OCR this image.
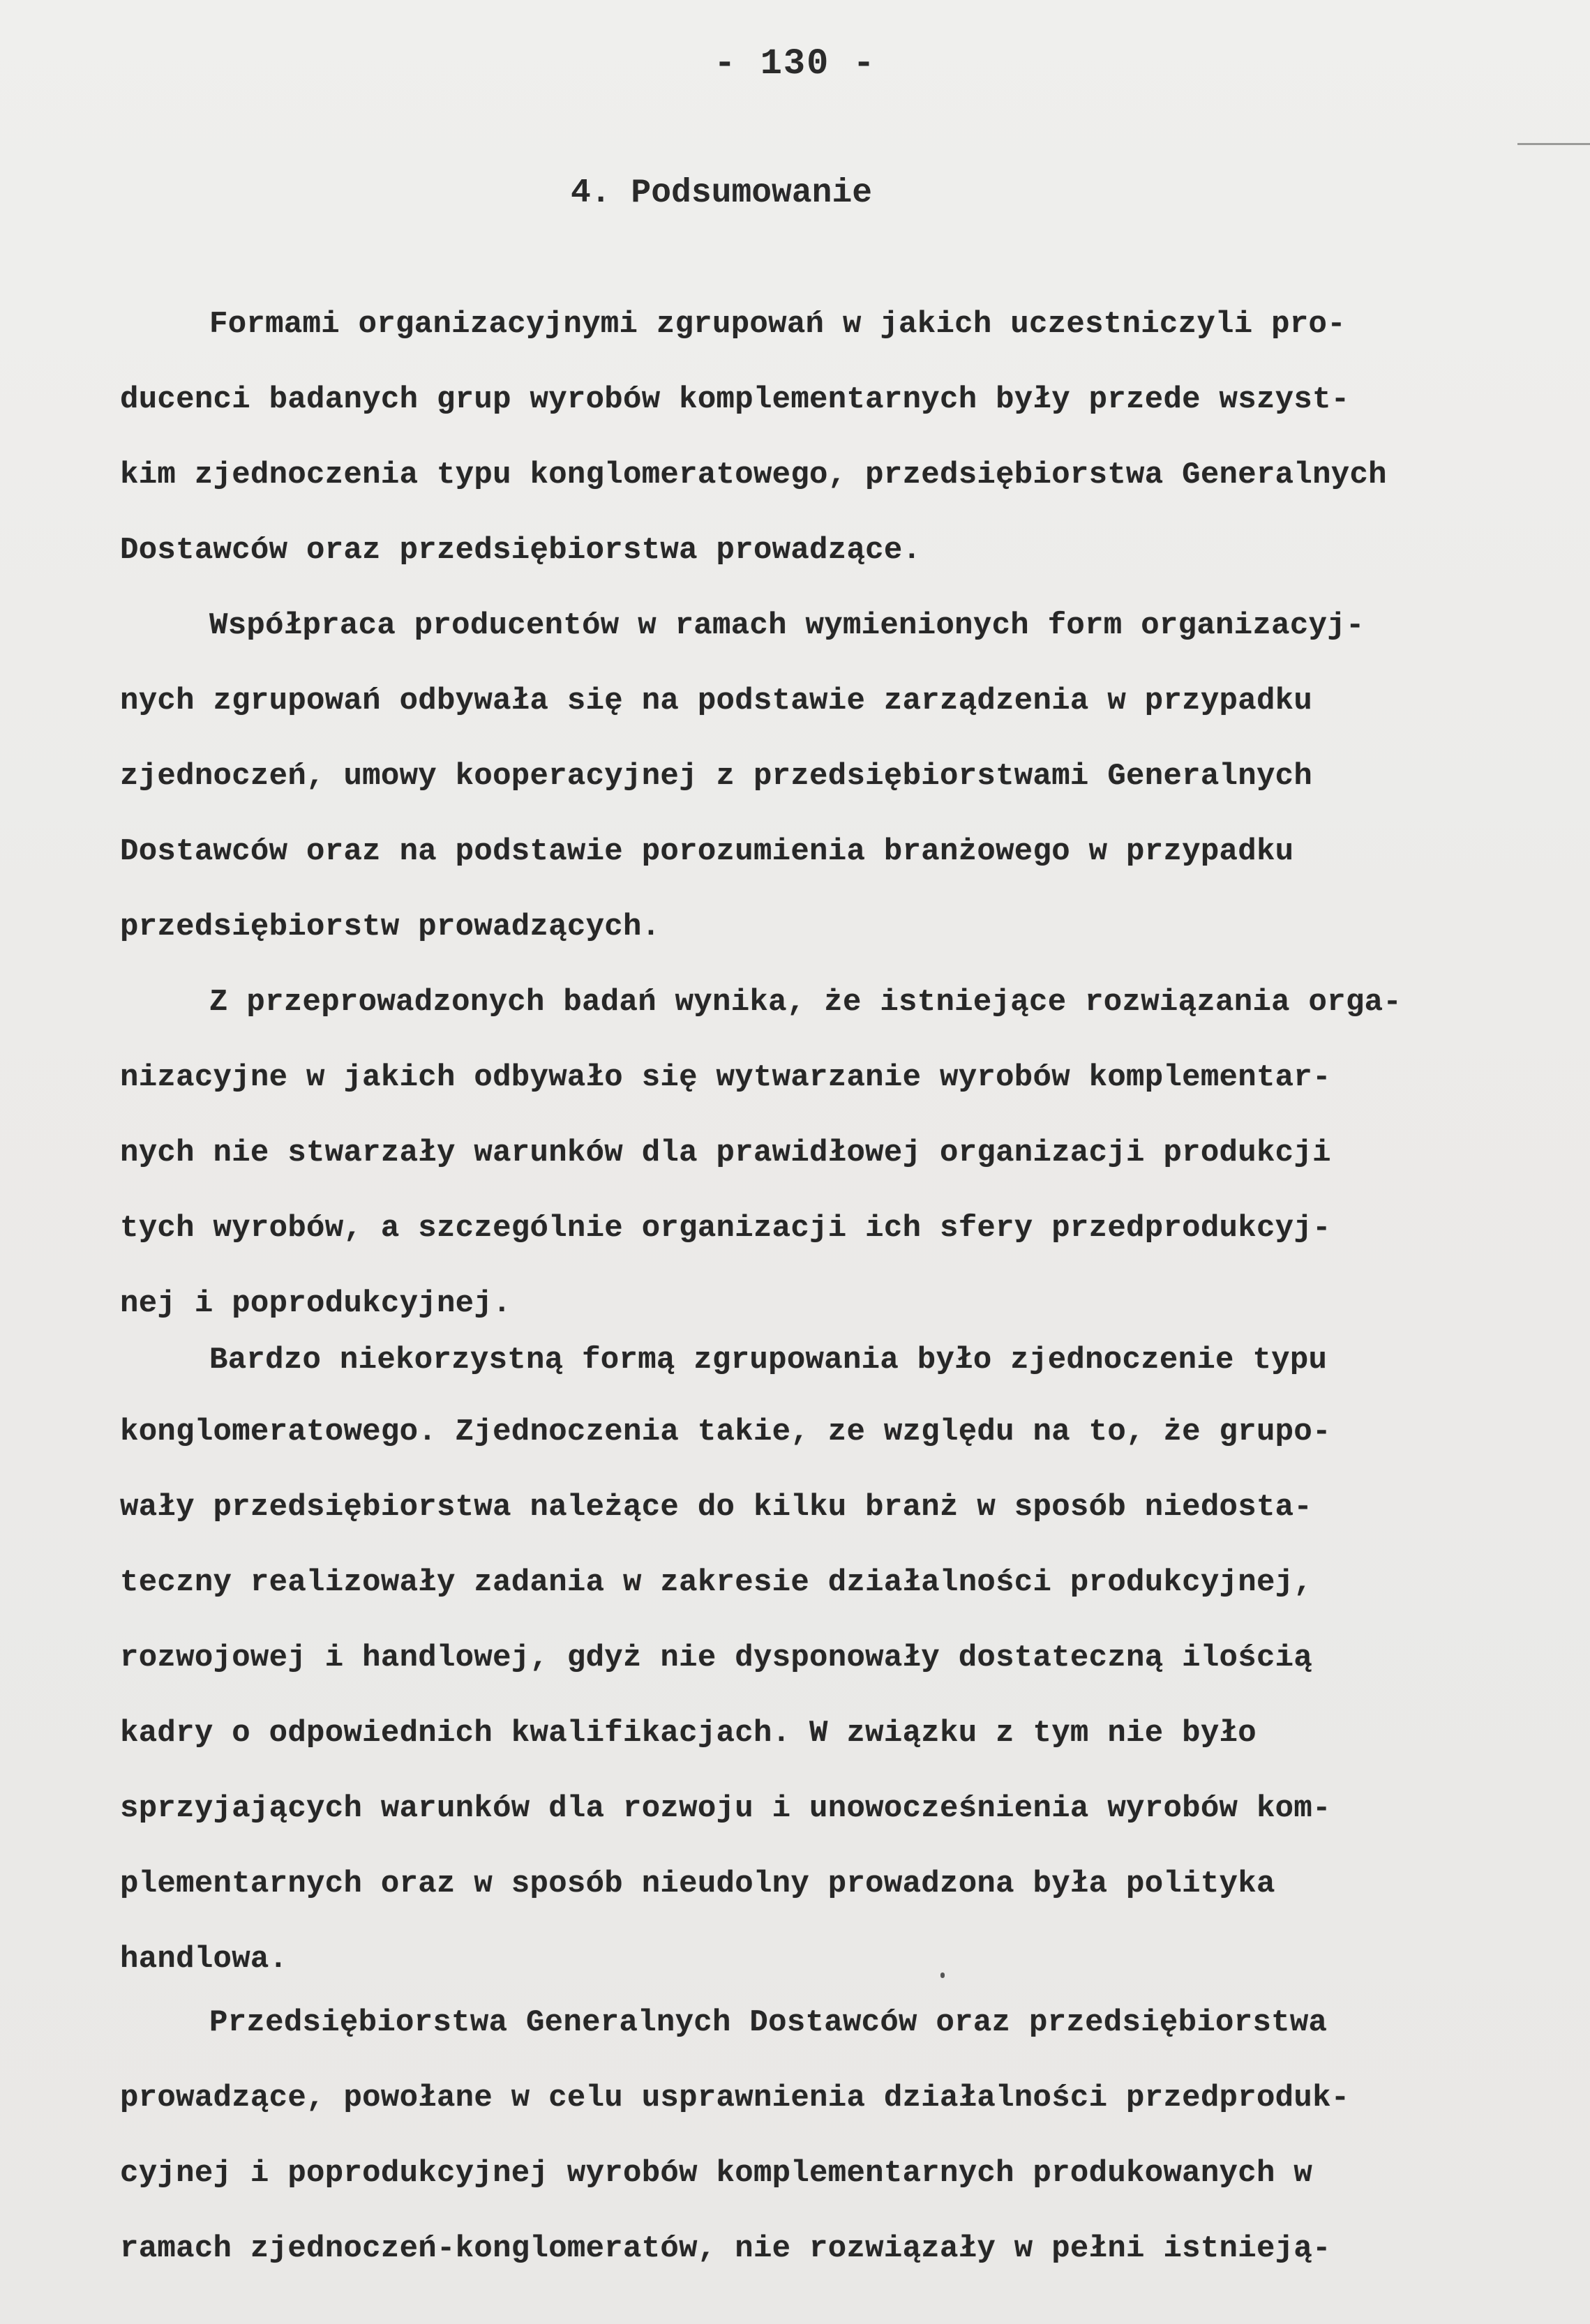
- 130 -
4. Podsumowanie
Formami organizacyjnymi zgrupowań w jakich uczestniczyli pro-
ducenci badanych grup wyrobów komplementarnych były przede wszyst-
kim zjednoczenia typu konglomeratowego, przedsiębiorstwa Generalnych
Dostawców oraz przedsiębiorstwa prowadzące.
Współpraca producentów w ramach wymienionych form organizacyj-
nych zgrupowań odbywała się na podstawie zarządzenia w przypadku
zjednoczeń, umowy kooperacyjnej z przedsiębiorstwami Generalnych
Dostawców oraz na podstawie porozumienia branżowego w przypadku
przedsiębiorstw prowadzących.
Z przeprowadzonych badań wynika, że istniejące rozwiązania orga-
nizacyjne w jakich odbywało się wytwarzanie wyrobów komplementar-
nych nie stwarzały warunków dla prawidłowej organizacji produkcji
tych wyrobów, a szczególnie organizacji ich sfery przedprodukcyj-
nej i poprodukcyjnej.
Bardzo niekorzystną formą zgrupowania było zjednoczenie typu
konglomeratowego. Zjednoczenia takie, ze względu na to, że grupo-
wały przedsiębiorstwa należące do kilku branż w sposób niedosta-
teczny realizowały zadania w zakresie działalności produkcyjnej,
rozwojowej i handlowej, gdyż nie dysponowały dostateczną ilością
kadry o odpowiednich kwalifikacjach. W związku z tym nie było
sprzyjających warunków dla rozwoju i unowocześnienia wyrobów kom-
plementarnych oraz w sposób nieudolny prowadzona była polityka
handlowa.
Przedsiębiorstwa Generalnych Dostawców oraz przedsiębiorstwa
prowadzące, powołane w celu usprawnienia działalności przedproduk-
cyjnej i poprodukcyjnej wyrobów komplementarnych produkowanych w
ramach zjednoczeń-konglomeratów, nie rozwiązały w pełni istnieją-
